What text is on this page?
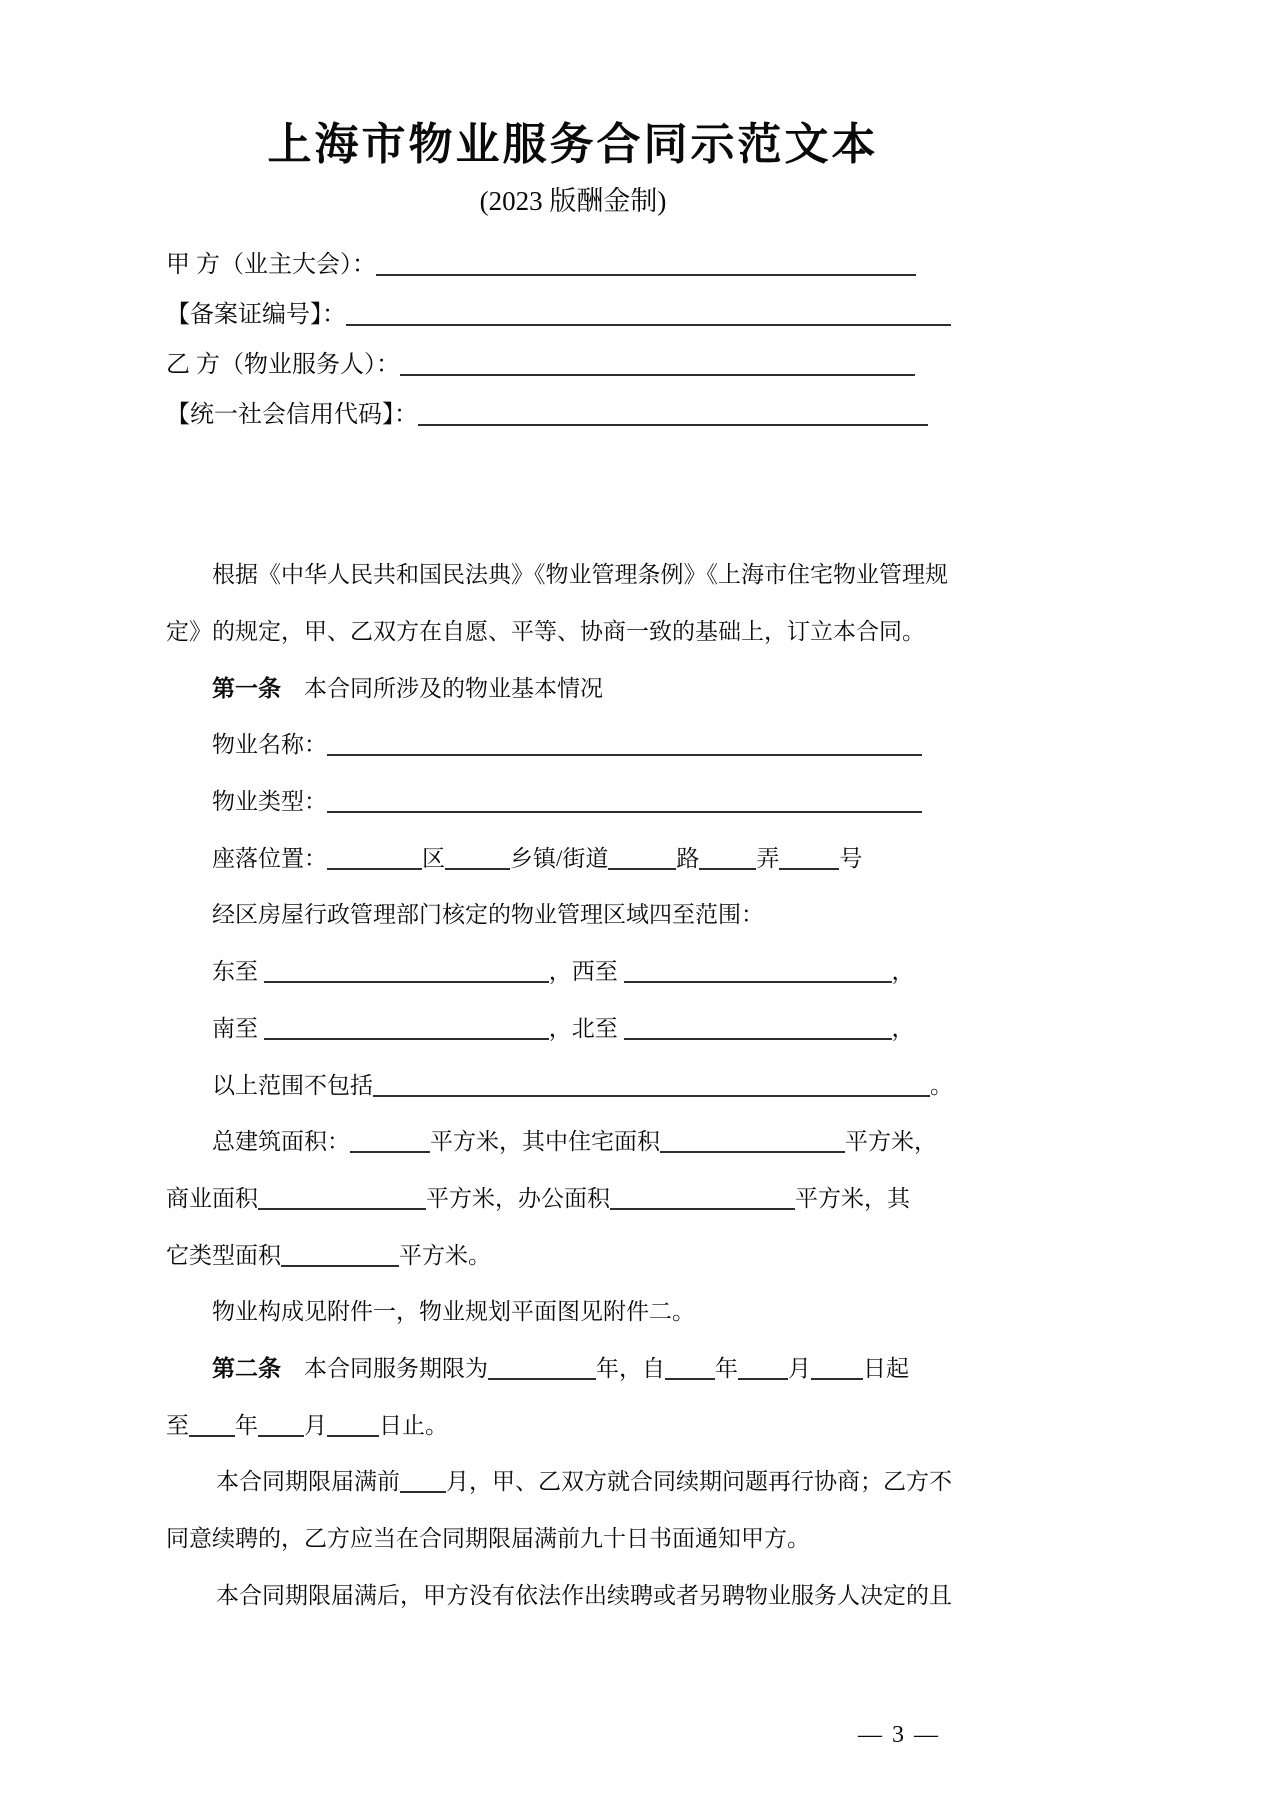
上海市物业服务合同示范文本
(2023 版酬金制)
甲 方（业主大会）：
【备案证编号】：
乙 方（物业服务人）：
【统一社会信用代码】：
根据《中华人民共和国民法典》《物业管理条例》《上海市住宅物业管理规
定》的规定，甲、乙双方在自愿、平等、协商一致的基础上，订立本合同。
第一条　本合同所涉及的物业基本情况
物业名称：
物业类型：
座落位置：	区	乡镇/街道	路 弄	号
经区房屋行政管理部门核定的物业管理区域四至范围：
东至	，西至	，
南至	，北至	，
以上范围不包括	。
总建筑面积：	平方米，其中住宅面积	平方米，
商业面积	平方米，办公面积	平方米，其
它类型面积	平方米。
物业构成见附件一，物业规划平面图见附件二。
第二条　本合同服务期限为	年，自 年 月 日起
至 年 月 日止。
本合同期限届满前 月，甲、乙双方就合同续期问题再行协商；乙方不
同意续聘的，乙方应当在合同期限届满前九十日书面通知甲方。
本合同期限届满后，甲方没有依法作出续聘或者另聘物业服务人决定的且
— 3 —
